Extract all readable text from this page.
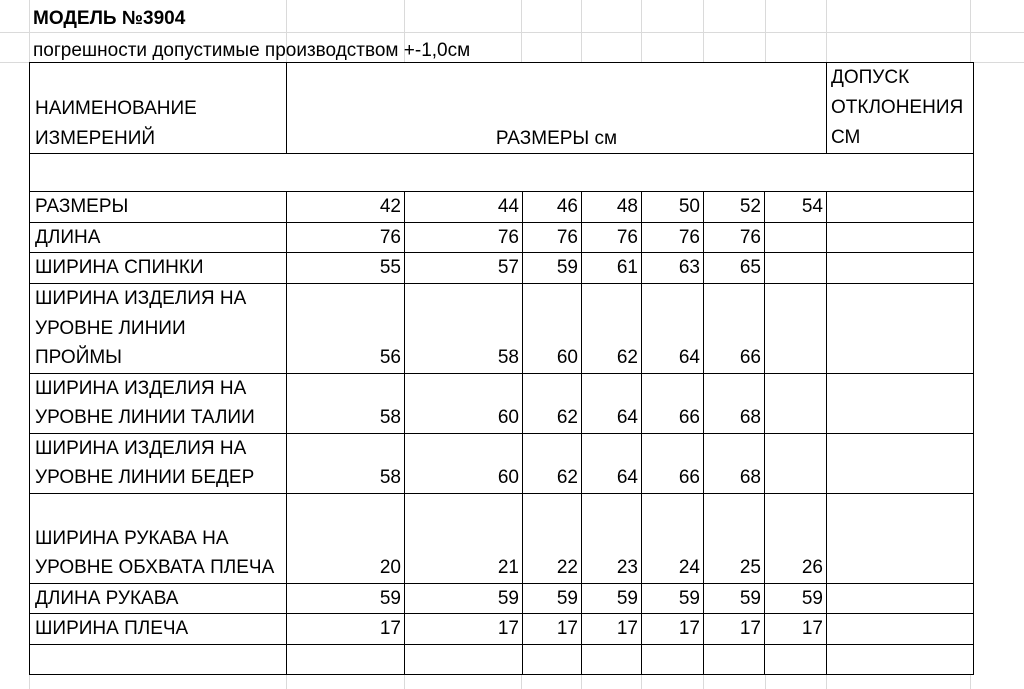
МОДЕЛЬ №3904
погрешности допустимые производством +-1,0см
НАИМЕНОВАНИЕ
ИЗМЕРЕНИЙ	РАЗМЕРЫ см							ДОПУСК
ОТКЛОНЕНИЯ
СМ

РАЗМЕРЫ	42	44	46	48	50	52	54	

ДЛИНА	76	76	76	76	76	76		

ШИРИНА СПИНКИ	55	57	59	61	63	65		

ШИРИНА ИЗДЕЛИЯ НА
УРОВНЕ ЛИНИИ
ПРОЙМЫ	56	58	60	62	64	66		

ШИРИНА ИЗДЕЛИЯ НА
УРОВНЕ ЛИНИИ ТАЛИИ	58	60	62	64	66	68		

ШИРИНА ИЗДЕЛИЯ НА
УРОВНЕ ЛИНИИ БЕДЕР	58	60	62	64	66	68		

ШИРИНА РУКАВА НА
УРОВНЕ ОБХВАТА ПЛЕЧА	20	21	22	23	24	25	26	

ДЛИНА РУКАВА	59	59	59	59	59	59	59	

ШИРИНА ПЛЕЧА	17	17	17	17	17	17	17	
